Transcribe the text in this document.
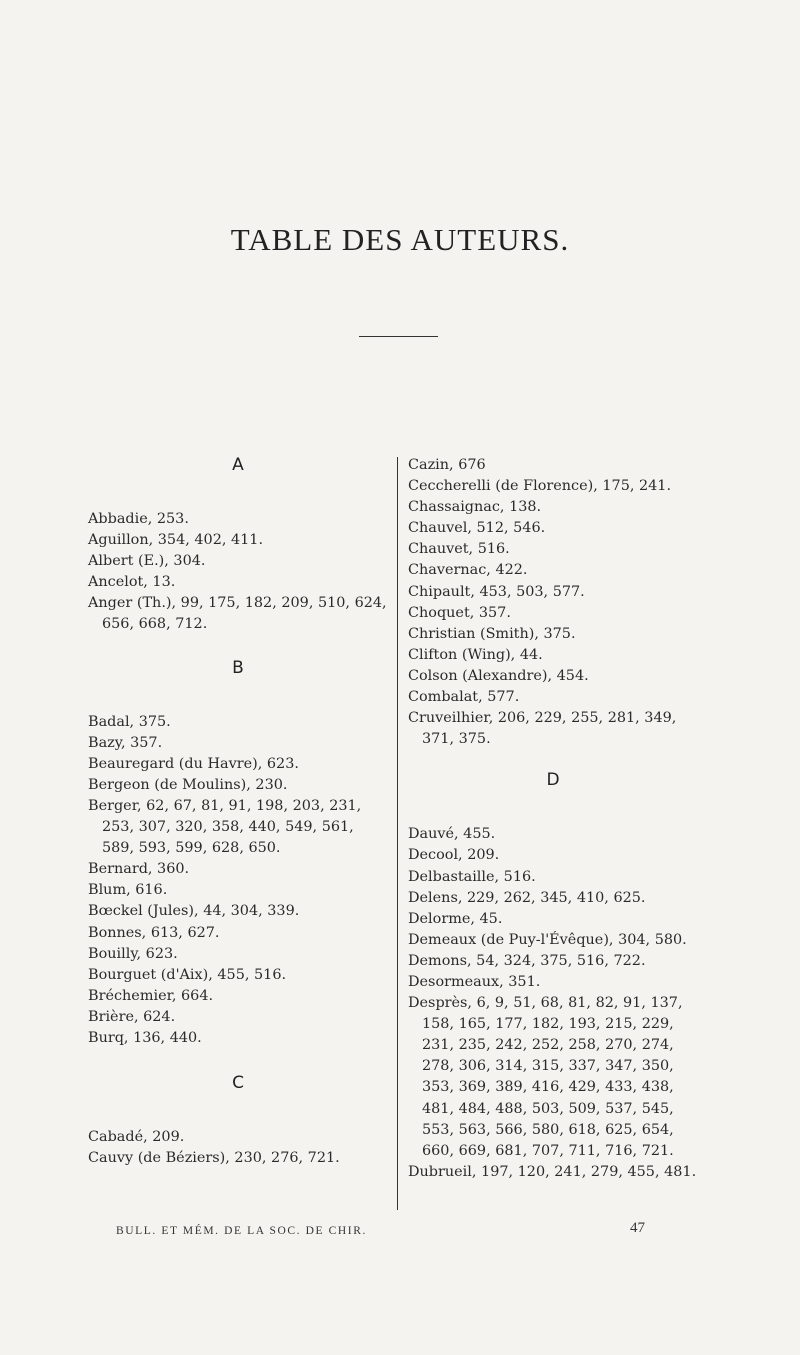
TABLE DES AUTEURS.
A
Abbadie, 253.
Aguillon, 354, 402, 411.
Albert (E.), 304.
Ancelot, 13.
Anger (Th.), 99, 175, 182, 209, 510, 624, 656, 668, 712.
B
Badal, 375.
Bazy, 357.
Beauregard (du Havre), 623.
Bergeon (de Moulins), 230.
Berger, 62, 67, 81, 91, 198, 203, 231, 253, 307, 320, 358, 440, 549, 561, 589, 593, 599, 628, 650.
Bernard, 360.
Blum, 616.
Bœckel (Jules), 44, 304, 339.
Bonnes, 613, 627.
Bouilly, 623.
Bourguet (d'Aix), 455, 516.
Bréchemier, 664.
Brière, 624.
Burq, 136, 440.
C
Cabadé, 209.
Cauvy (de Béziers), 230, 276, 721.
Cazin, 676
Ceccherelli (de Florence), 175, 241.
Chassaignac, 138.
Chauvel, 512, 546.
Chauvet, 516.
Chavernac, 422.
Chipault, 453, 503, 577.
Choquet, 357.
Christian (Smith), 375.
Clifton (Wing), 44.
Colson (Alexandre), 454.
Combalat, 577.
Cruveilhier, 206, 229, 255, 281, 349, 371, 375.
D
Dauvé, 455.
Decool, 209.
Delbastaille, 516.
Delens, 229, 262, 345, 410, 625.
Delorme, 45.
Demeaux (de Puy-l'Évêque), 304, 580.
Demons, 54, 324, 375, 516, 722.
Desormeaux, 351.
Desprès, 6, 9, 51, 68, 81, 82, 91, 137, 158, 165, 177, 182, 193, 215, 229, 231, 235, 242, 252, 258, 270, 274, 278, 306, 314, 315, 337, 347, 350, 353, 369, 389, 416, 429, 433, 438, 481, 484, 488, 503, 509, 537, 545, 553, 563, 566, 580, 618, 625, 654, 660, 669, 681, 707, 711, 716, 721.
Dubrueil, 197, 120, 241, 279, 455, 481.
BULL. ET MÉM. DE LA SOC. DE CHIR.	47
